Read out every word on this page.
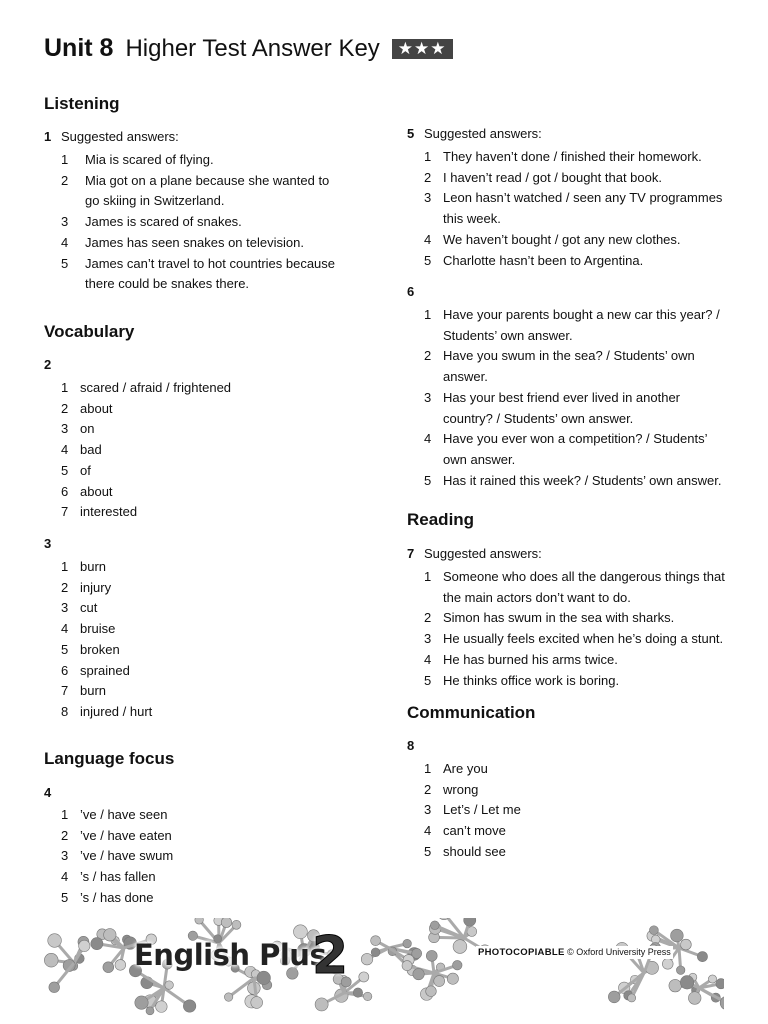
Unit 8 Higher Test Answer Key ★★★
Listening
1 Suggested answers:
1	Mia is scared of flying.
2	Mia got on a plane because she wanted to go skiing in Switzerland.
3	James is scared of snakes.
4	James has seen snakes on television.
5	James can’t travel to hot countries because there could be snakes there.
Vocabulary
2
1 scared / afraid / frightened
2 about
3 on
4 bad
5 of
6 about
7 interested
3
1 burn
2 injury
3 cut
4 bruise
5 broken
6 sprained
7 burn
8 injured / hurt
Language focus
4
1 ’ve / have seen
2 ’ve / have eaten
3 ’ve / have swum
4 ’s / has fallen
5 ’s / has done
5 Suggested answers:
1 They haven’t done / finished their homework.
2 I haven’t read / got / bought that book.
3 Leon hasn’t watched / seen any TV programmes this week.
4 We haven’t bought / got any new clothes.
5 Charlotte hasn’t been to Argentina.
6
1 Have your parents bought a new car this year? / Students’ own answer.
2 Have you swum in the sea? / Students’ own answer.
3 Has your best friend ever lived in another country? / Students’ own answer.
4 Have you ever won a competition? / Students’ own answer.
5 Has it rained this week? / Students’ own answer.
Reading
7 Suggested answers:
1 Someone who does all the dangerous things that the main actors don’t want to do.
2 Simon has swum in the sea with sharks.
3 He usually feels excited when he’s doing a stunt.
4 He has burned his arms twice.
5 He thinks office work is boring.
Communication
8
1 Are you
2 wrong
3 Let’s / Let me
4 can’t move
5 should see
English Plus
2	PHOTOCOPIABLE © Oxford University Press
